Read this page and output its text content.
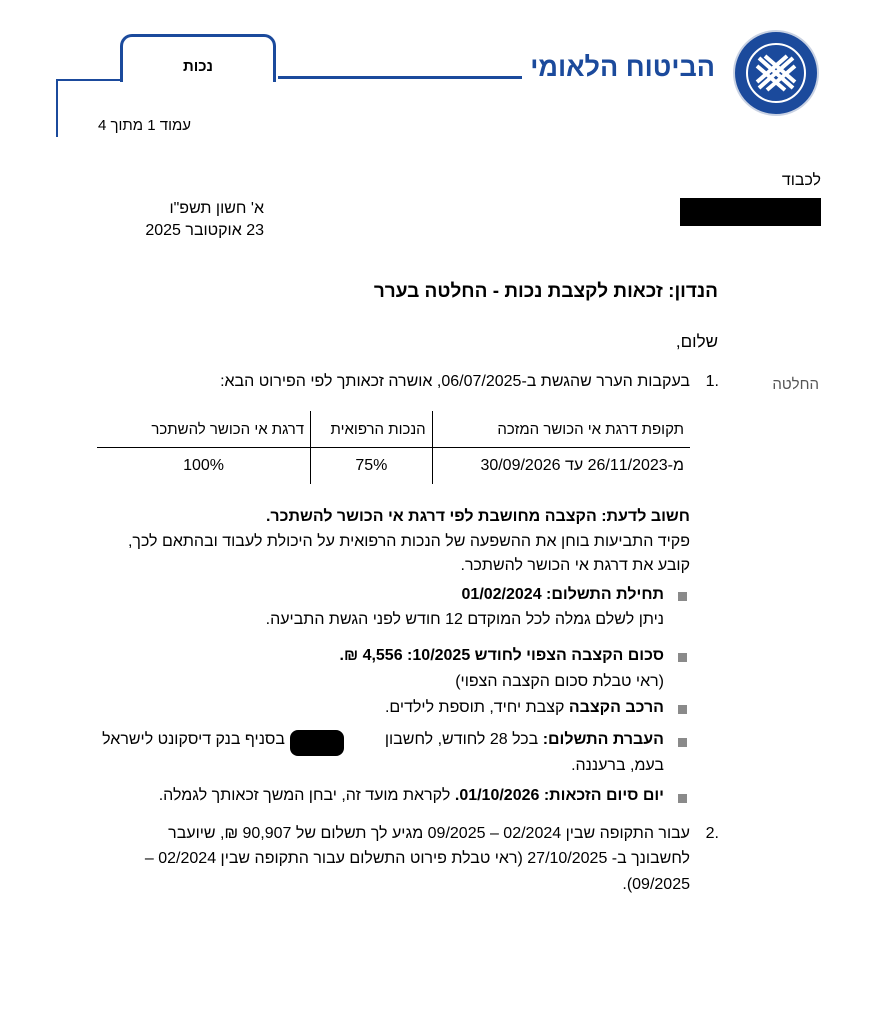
הביטוח הלאומי
נכות
עמוד 1 מתוך 4
לכבוד
א' חשון תשפ"ו
23 אוקטובר 2025
הנדון: זכאות לקצבת נכות - החלטה בערר
שלום,
החלטה
1.
בעקבות הערר שהגשת ב-06/07/2025, אושרה זכאותך לפי הפירוט הבא:
תקופת דרגת אי הכושר המזכה	הנכות הרפואית	דרגת אי הכושר להשתכר
מ-26/11/2023 עד 30/09/2026	75%	100%
חשוב לדעת: הקצבה מחושבת לפי דרגת אי הכושר להשתכר.
פקיד התביעות בוחן את ההשפעה של הנכות הרפואית על היכולת לעבוד ובהתאם לכך,
קובע את דרגת אי הכושר להשתכר.
תחילת התשלום: 01/02/2024
ניתן לשלם גמלה לכל המוקדם 12 חודש לפני הגשת התביעה.
סכום הקצבה הצפוי לחודש 10/2025: 4,556 ₪.
(ראי טבלת סכום הקצבה הצפוי)
הרכב הקצבה קצבת יחיד, תוספת לילדים.
העברת התשלום: בכל 28 לחודש, לחשבון
בסניף בנק דיסקונט לישראל
בעמ, ברעננה.
יום סיום הזכאות: 01/10/2026. לקראת מועד זה, יבחן המשך זכאותך לגמלה.
2.
עבור התקופה שבין 02/2024 – 09/2025 מגיע לך תשלום של 90,907 ₪, שיועבר
לחשבונך ב- 27/10/2025 (ראי טבלת פירוט התשלום עבור התקופה שבין 02/2024 –
09/2025).
